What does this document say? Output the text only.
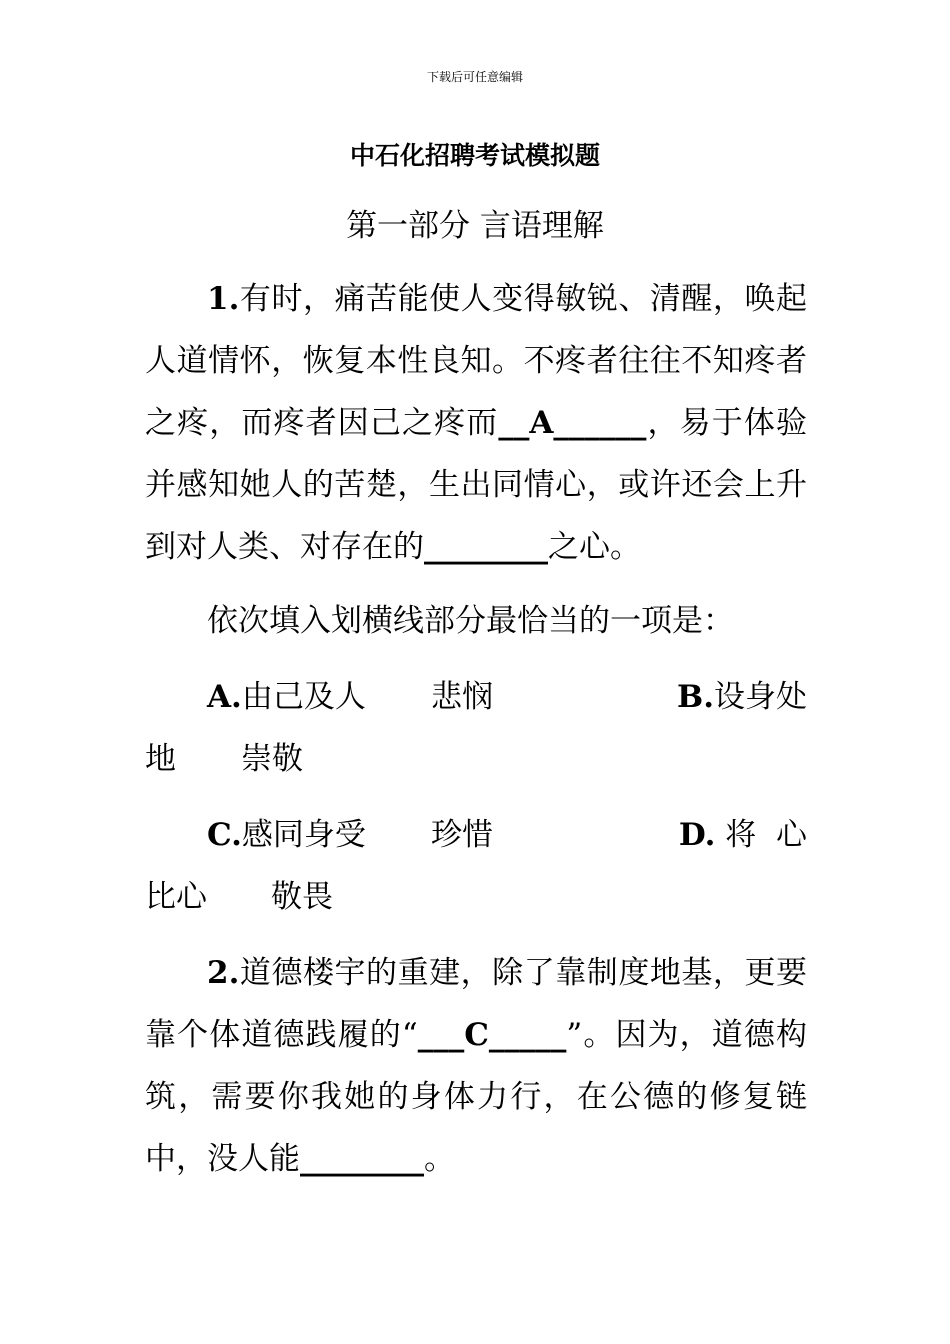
下载后可任意编辑
中石化招聘考试模拟题
第一部分 言语理解

1.有时，痛苦能使人变得敏锐、清醒，唤起人道情怀，恢复本性良知。不疼者往往不知疼者之疼，而疼者因己之疼而__A______，易于体验并感知她人的苦楚，生出同情心，或许还会上升到对人类、对存在的________之心。

依次填入划横线部分最恰当的一项是：

A.由己及人	悲悯	B.设身处
地	崇敬
C.感同身受	珍惜	D. 将  心
比心	敬畏

2.道德楼宇的重建，除了靠制度地基，更要靠个体道德践履的“___C_____”。因为，道德构筑，需要你我她的身体力行，在公德的修复链中，没人能________。
